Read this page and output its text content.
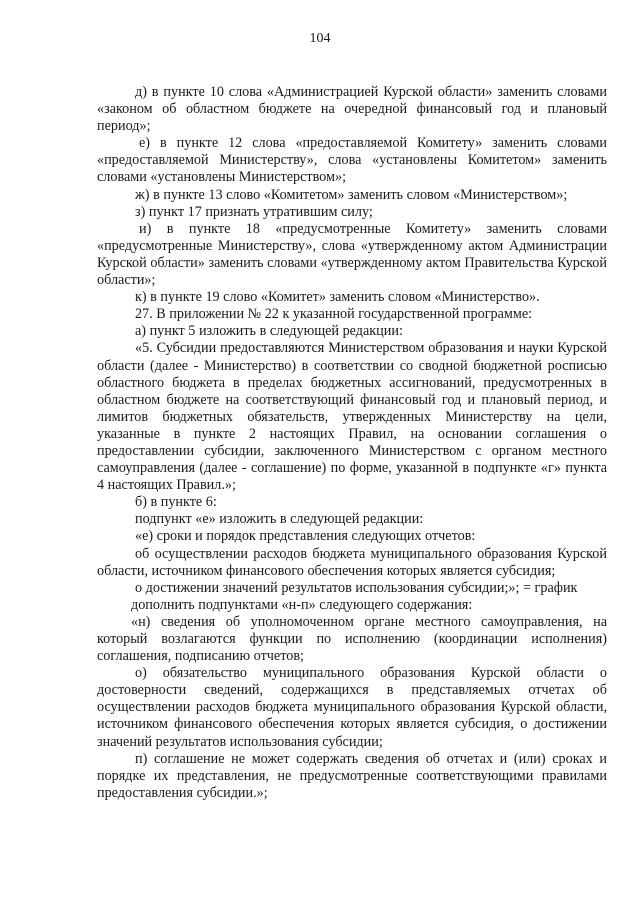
104

д) в пункте 10 слова «Администрацией Курской области» заменить словами «законом об областном бюджете на очередной финансовый год и плановый период»;

е) в пункте 12 слова «предоставляемой Комитету» заменить словами «предоставляемой Министерству», слова «установлены Комитетом» заменить словами «установлены Министерством»;

ж) в пункте 13 слово «Комитетом» заменить словом «Министерством»;

з) пункт 17 признать утратившим силу;

и) в пункте 18 «предусмотренные Комитету» заменить словами «предусмотренные Министерству», слова «утвержденному актом Администрации Курской области» заменить словами «утвержденному актом Правительства Курской области»;

к) в пункте 19 слово «Комитет» заменить словом «Министерство».

27. В приложении № 22 к указанной государственной программе:

а) пункт 5 изложить в следующей редакции:

«5. Субсидии предоставляются Министерством образования и науки Курской области (далее - Министерство) в соответствии со сводной бюджетной росписью областного бюджета в пределах бюджетных ассигнований, предусмотренных в областном бюджете на соответствующий финансовый год и плановый период, и лимитов бюджетных обязательств, утвержденных Министерству на цели, указанные в пункте 2 настоящих Правил, на основании соглашения о предоставлении субсидии, заключенного Министерством с органом местного самоуправления (далее - соглашение) по форме, указанной в подпункте «г» пункта 4 настоящих Правил.»;

б) в пункте 6:

подпункт «е» изложить в следующей редакции:

«е) сроки и порядок представления следующих отчетов:

об осуществлении расходов бюджета муниципального образования Курской области, источником финансового обеспечения которых является субсидия;

о достижении значений результатов использования субсидии;»; = график

дополнить подпунктами «н-п» следующего содержания:

«н) сведения об уполномоченном органе местного самоуправления, на который возлагаются функции по исполнению (координации исполнения) соглашения, подписанию отчетов;

о) обязательство муниципального образования Курской области о достоверности сведений, содержащихся в представляемых отчетах об осуществлении расходов бюджета муниципального образования Курской области, источником финансового обеспечения которых является субсидия, о достижении значений результатов использования субсидии;

п) соглашение не может содержать сведения об отчетах и (или) сроках и порядке их представления, не предусмотренные соответствующими правилами предоставления субсидии.»;
